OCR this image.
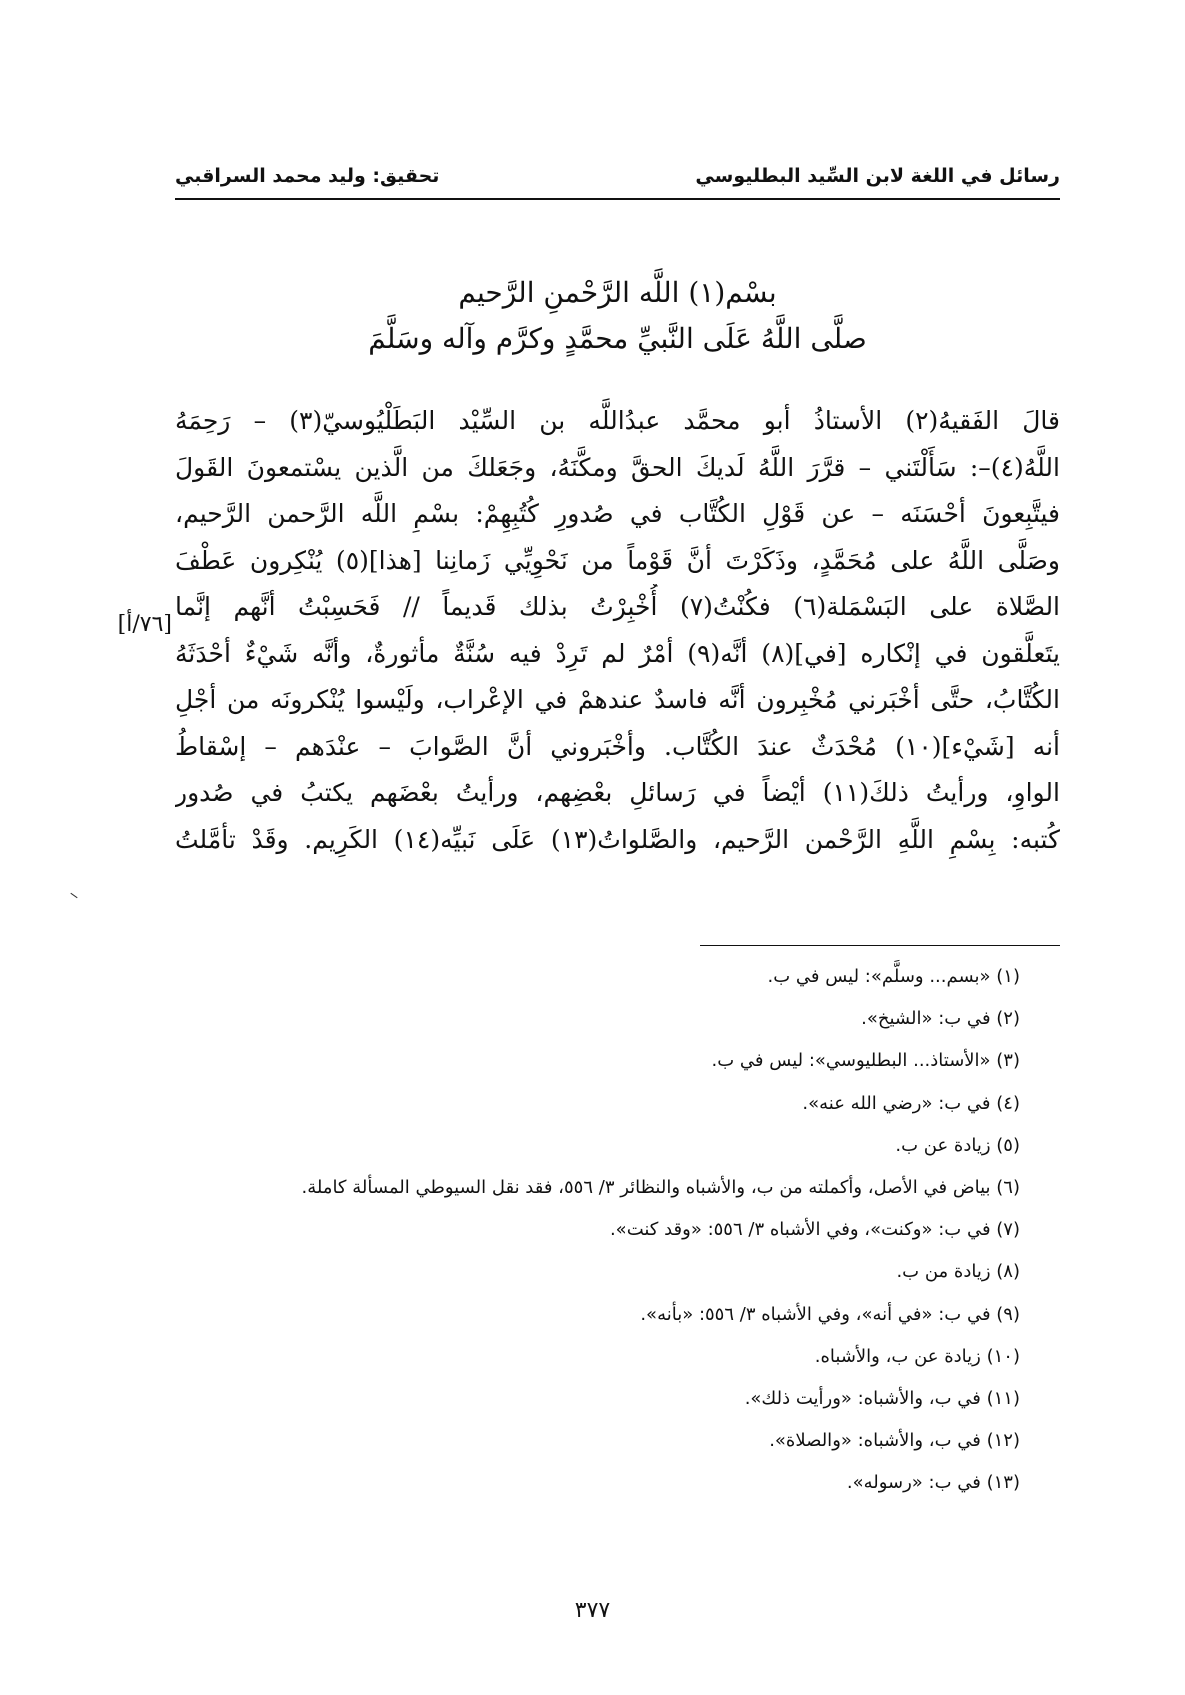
رسائل في اللغة لابن السِّيد البطليوسي
تحقيق: وليد محمد السراقبي
بسْم(١) اللَّه الرَّحْمنِ الرَّحيم
صلَّى اللَّهُ عَلَى النَّبيِّ محمَّدٍ وكرَّم وآله وسَلَّمَ
قالَ الفَقيهُ(٢) الأستاذُ أبو محمَّد عبدُاللَّه بن السِّيْد البَطَلْيُوسيّ(٣) – رَحِمَهُ
اللَّهُ(٤)–: سَأَلْتَني – قرَّرَ اللَّهُ لَديكَ الحقَّ ومكَّنَهُ، وجَعَلكَ من الَّذين يسْتمعونَ القَولَ
فيتَّبِعونَ أحْسَنَه – عن قَوْلِ الكُتَّاب في صُدورِ كُتُبِهِمْ: بسْمِ اللَّه الرَّحمن الرَّحيم،
وصَلَّى اللَّهُ على مُحَمَّدٍ، وذَكَرْتَ أنَّ قَوْماً من نَحْوِيِّي زَمانِنا [هذا](٥) يُنْكِرون عَطْفَ
الصَّلاة على البَسْمَلة(٦) فكُنْتُ(٧) أُخْبِرْتُ بذلك قَديماً // فَحَسِبْتُ أنَّهم إنَّما
يتَعلَّقون في إنْكاره [في](٨) أنَّه(٩) أمْرٌ لم تَرِدْ فيه سُنَّةٌ مأثورةٌ، وأنَّه شَيْءٌ أحْدَثَهُ
الكُتَّابُ، حتَّى أخْبَرني مُخْبِرون أنَّه فاسدٌ عندهمْ في الإعْراب، ولَيْسوا يُنْكرونَه من أجْلِ
أنه [شَيْء](١٠) مُحْدَثٌ عندَ الكُتَّاب. وأخْبَروني أنَّ الصَّوابَ – عنْدَهم – إسْقاطُ
الواوِ، ورأيتُ ذلكَ(١١) أيْضاً في رَسائلِ بعْضِهم، ورأيتُ بعْضَهم يكتبُ في صُدور
كُتبه: بِسْمِ اللَّهِ الرَّحْمن الرَّحيم، والصَّلواتُ(١٣) عَلَى نَبيِّه(١٤) الكَرِيم. وقَدْ تأمَّلتُ
[٧٦/أ]
(١) «بسم... وسلَّم»: ليس في ب.
(٢) في ب: «الشيخ».
(٣) «الأستاذ... البطليوسي»: ليس في ب.
(٤) في ب: «رضي الله عنه».
(٥) زيادة عن ب.
(٦) بياض في الأصل، وأكملته من ب، والأشباه والنظائر ٣/ ٥٥٦، فقد نقل السيوطي المسألة كاملة.
(٧) في ب: «وكنت»، وفي الأشباه ٣/ ٥٥٦: «وقد كنت».
(٨) زيادة من ب.
(٩) في ب: «في أنه»، وفي الأشباه ٣/ ٥٥٦: «بأنه».
(١٠) زيادة عن ب، والأشباه.
(١١) في ب، والأشباه: «ورأيت ذلك».
(١٢) في ب، والأشباه: «والصلاة».
(١٣) في ب: «رسوله».
٣٧٧
